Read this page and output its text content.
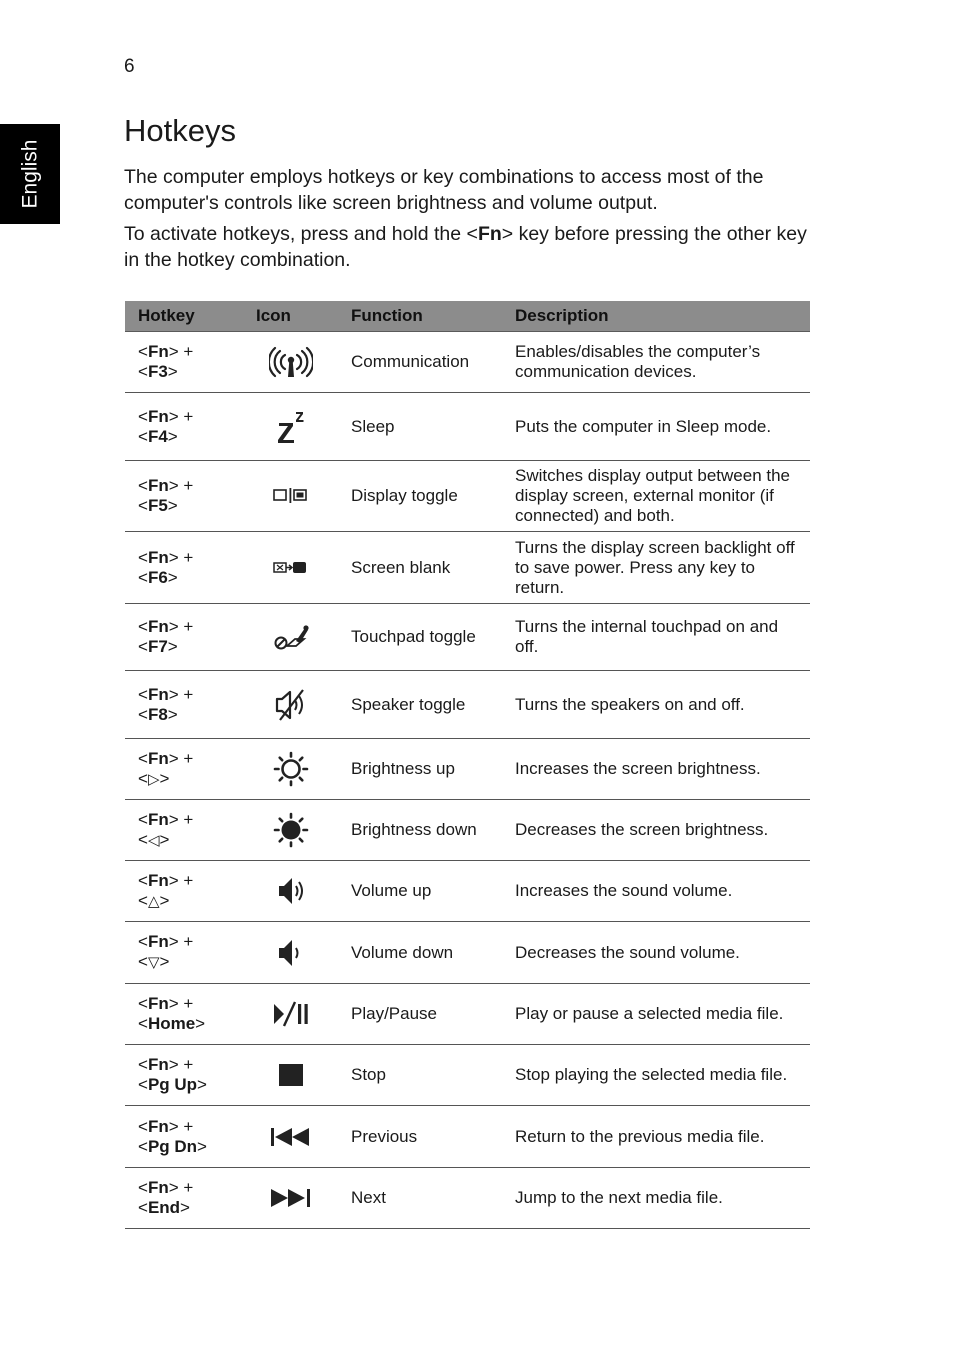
6
English
Hotkeys

The computer employs hotkeys or key combinations to access most of the computer's controls like screen brightness and volume output.

To activate hotkeys, press and hold the <Fn> key before pressing the other key in the hotkey combination.

Hotkey	Icon	Function	Description
<Fn> +
<F3>		Communication	Enables/disables the computer’s communication devices.
<Fn> +
<F4>		Sleep	Puts the computer in Sleep mode.
<Fn> +
<F5>		Display toggle	Switches display output between the display screen, external monitor (if connected) and both.
<Fn> +
<F6>		Screen blank	Turns the display screen backlight off to save power. Press any key to return.
<Fn> +
<F7>		Touchpad toggle	Turns the internal touchpad on and off.
<Fn> +
<F8>		Speaker toggle	Turns the speakers on and off.
<Fn> +
<▷>		Brightness up	Increases the screen brightness.
<Fn> +
<◁>		Brightness down	Decreases the screen brightness.
<Fn> +
<△>		Volume up	Increases the sound volume.
<Fn> +
<▽>		Volume down	Decreases the sound volume.
<Fn> +
<Home>		Play/Pause	Play or pause a selected media file.
<Fn> +
<Pg Up>		Stop	Stop playing the selected media file.
<Fn> +
<Pg Dn>		Previous	Return to the previous media file.
<Fn> +
<End>		Next	Jump to the next media file.
